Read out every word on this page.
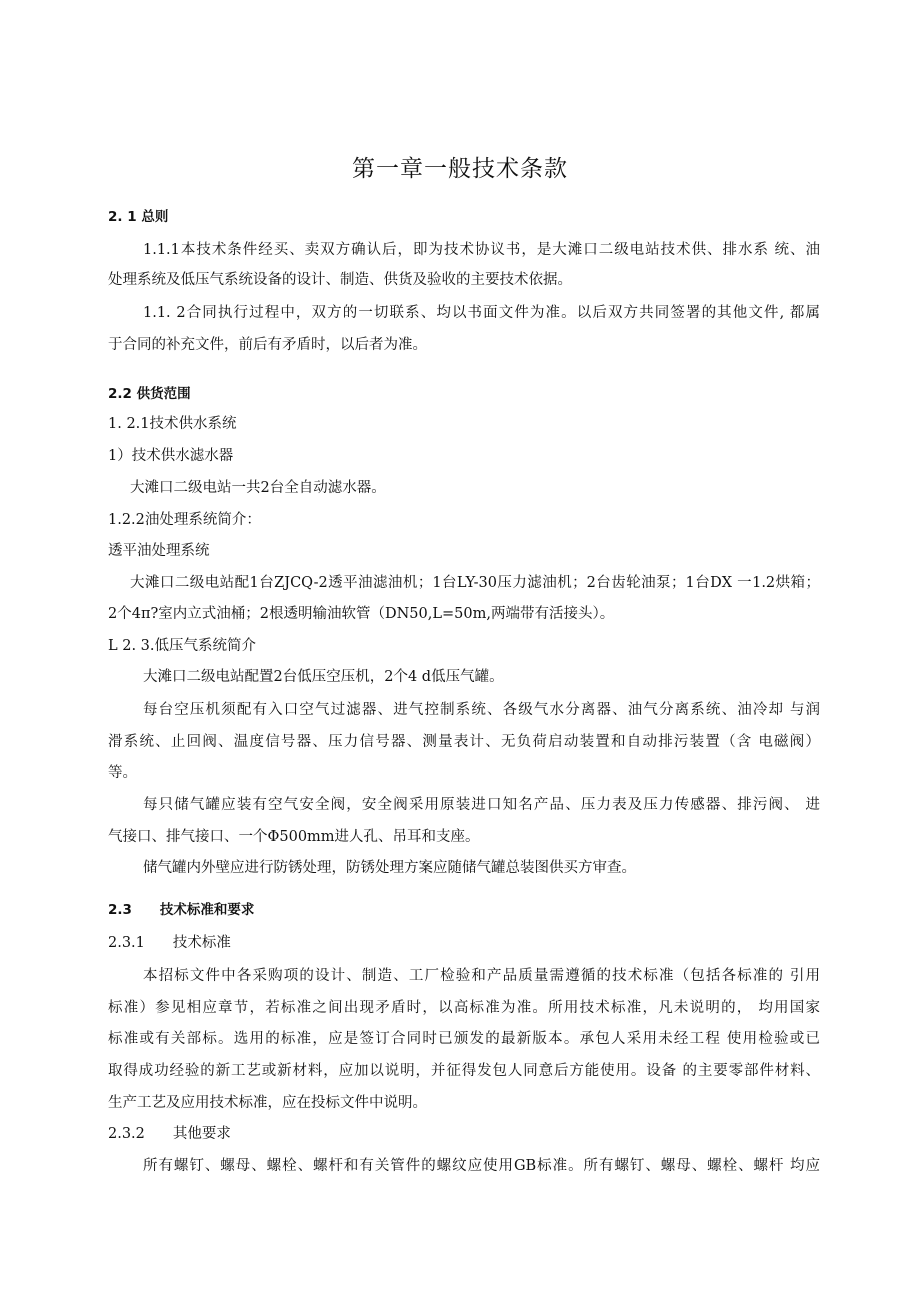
第一章一般技术条款
2. 1 总则
1.1.1本技术条件经买、卖双方确认后，即为技术协议书，是大滩口二级电站技术供、排水系 统、油
处理系统及低压气系统设备的设计、制造、供货及验收的主要技术依据。
1.1. 2合同执行过程中，双方的一切联系、均以书面文件为准。以后双方共同签署的其他文件, 都属
于合同的补充文件，前后有矛盾时，以后者为准。
2.2 供货范围
1. 2.1技术供水系统
1）技术供水滤水器
大滩口二级电站一共2台全自动滤水器。
1.2.2油处理系统简介：
透平油处理系统
大滩口二级电站配1台ZJCQ-2透平油滤油机；1台LY-30压力滤油机；2台齿轮油泵；1台DX 一1.2烘箱；
2个4π?室内立式油桶；2根透明输油软管（DN50,L=50m,两端带有活接头）。
L 2. 3.低压气系统简介
大滩口二级电站配置2台低压空压机，2个4 d低压气罐。
每台空压机须配有入口空气过滤器、进气控制系统、各级气水分离器、油气分离系统、油冷却 与润
滑系统、止回阀、温度信号器、压力信号器、测量表计、无负荷启动装置和自动排污装置（含 电磁阀）
等。
每只储气罐应装有空气安全阀，安全阀采用原装进口知名产品、压力表及压力传感器、排污阀、 进
气接口、排气接口、一个Φ500mm进人孔、吊耳和支座。
储气罐内外壁应进行防锈处理，防锈处理方案应随储气罐总装图供买方审查。
2.3 技术标准和要求
2.3.1 技术标准
本招标文件中各采购项的设计、制造、工厂检验和产品质量需遵循的技术标准（包括各标准的 引用
标准）参见相应章节，若标准之间出现矛盾时，以高标准为准。所用技术标准，凡未说明的， 均用国家
标准或有关部标。选用的标准，应是签订合同时已颁发的最新版本。承包人采用未经工程 使用检验或已
取得成功经验的新工艺或新材料，应加以说明，并征得发包人同意后方能使用。设备 的主要零部件材料、
生产工艺及应用技术标准，应在投标文件中说明。
2.3.2 其他要求
所有螺钉、螺母、螺栓、螺杆和有关管件的螺纹应使用GB标准。所有螺钉、螺母、螺栓、螺杆 均应
